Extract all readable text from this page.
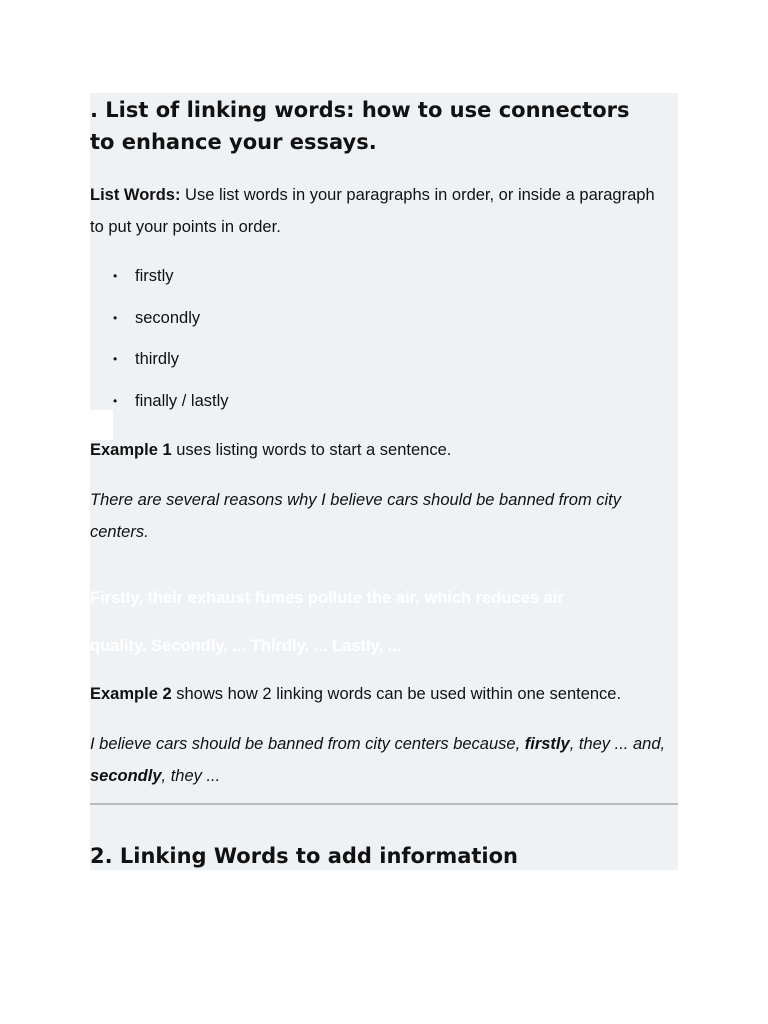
. List of linking words: how to use connectors to enhance your essays.

List Words: Use list words in your paragraphs in order, or inside a paragraph to put your points in order.

• firstly
• secondly
• thirdly
• finally / lastly

Example 1 uses listing words to start a sentence.

There are several reasons why I believe cars should be banned from city centers.

Firstly, their exhaust fumes pollute the air, which reduces air

quality. Secondly, ... Thirdly, ... Lastly, ...

Example 2 shows how 2 linking words can be used within one sentence.

I believe cars should be banned from city centers because, firstly, they ... and, secondly, they ...

2. Linking Words to add information
